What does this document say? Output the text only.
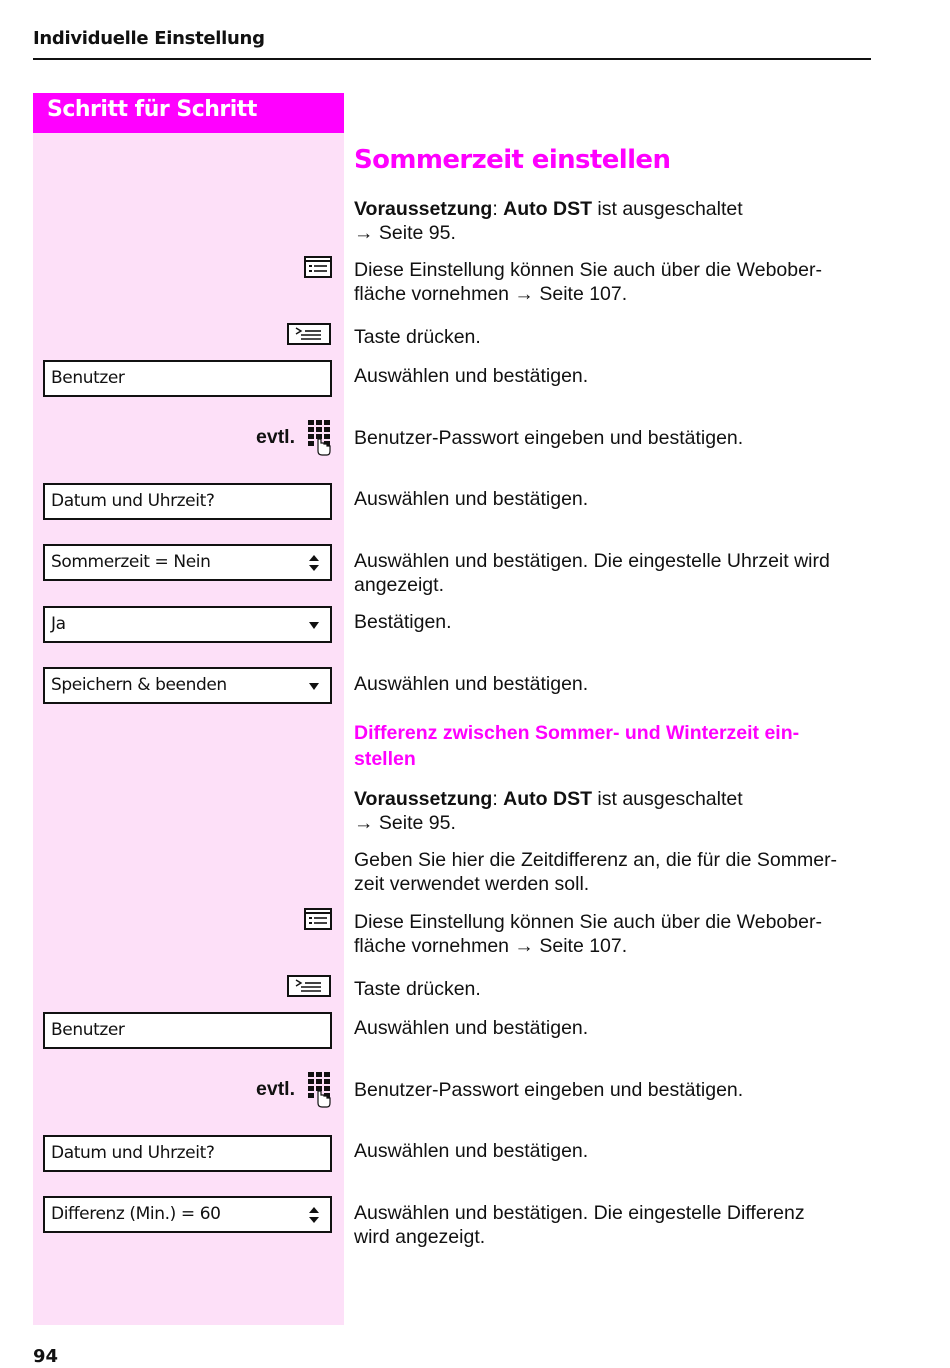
Individuelle Einstellung
Schritt für Schritt
Sommerzeit einstellen
Voraussetzung: Auto DST ist ausgeschaltet
→ Seite 95.
Diese Einstellung können Sie auch über die Webober-
fläche vornehmen → Seite 107.
Taste drücken.
Benutzer	Auswählen und bestätigen.
evtl.	Benutzer-Passwort eingeben und bestätigen.
Datum und Uhrzeit?	Auswählen und bestätigen.
Sommerzeit = Nein	Auswählen und bestätigen. Die eingestelle Uhrzeit wird
angezeigt.
Ja	Bestätigen.
Speichern & beenden	Auswählen und bestätigen.
Differenz zwischen Sommer- und Winterzeit ein-
stellen
Voraussetzung: Auto DST ist ausgeschaltet
→ Seite 95.
Geben Sie hier die Zeitdifferenz an, die für die Sommer-
zeit verwendet werden soll.
Diese Einstellung können Sie auch über die Webober-
fläche vornehmen → Seite 107.
Taste drücken.
Benutzer	Auswählen und bestätigen.
evtl.	Benutzer-Passwort eingeben und bestätigen.
Datum und Uhrzeit?	Auswählen und bestätigen.
Differenz (Min.) = 60	Auswählen und bestätigen. Die eingestelle Differenz
wird angezeigt.
94
